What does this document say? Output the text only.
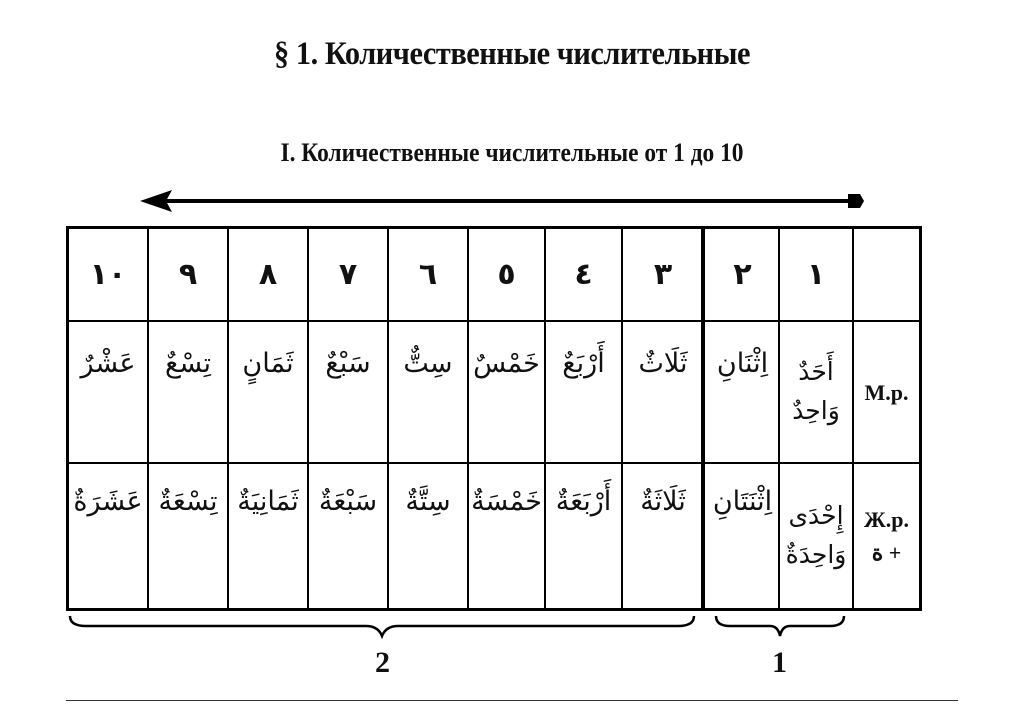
§ 1. Количественные числительные
I. Количественные числительные от 1 до 10
١٠ ٩ ٨ ٧ ٦ ٥ ٤ ٣ ٢ ١
عَشْرٌ تِسْعٌ ثَمَانٍ سَبْعٌ سِتٌّ خَمْسٌ أَرْبَعٌ ثَلَاثٌ اِثْنَانِ أَحَدٌ
وَاحِدٌ
М.р.
عَشَرَةٌ تِسْعَةٌ ثَمَانِيَةٌ سَبْعَةٌ سِتَّةٌ خَمْسَةٌ أَرْبَعَةٌ ثَلَاثَةٌ اِثْنَتَانِ إِحْدَى
وَاحِدَةٌ
Ж.р.
ة +
2	1
